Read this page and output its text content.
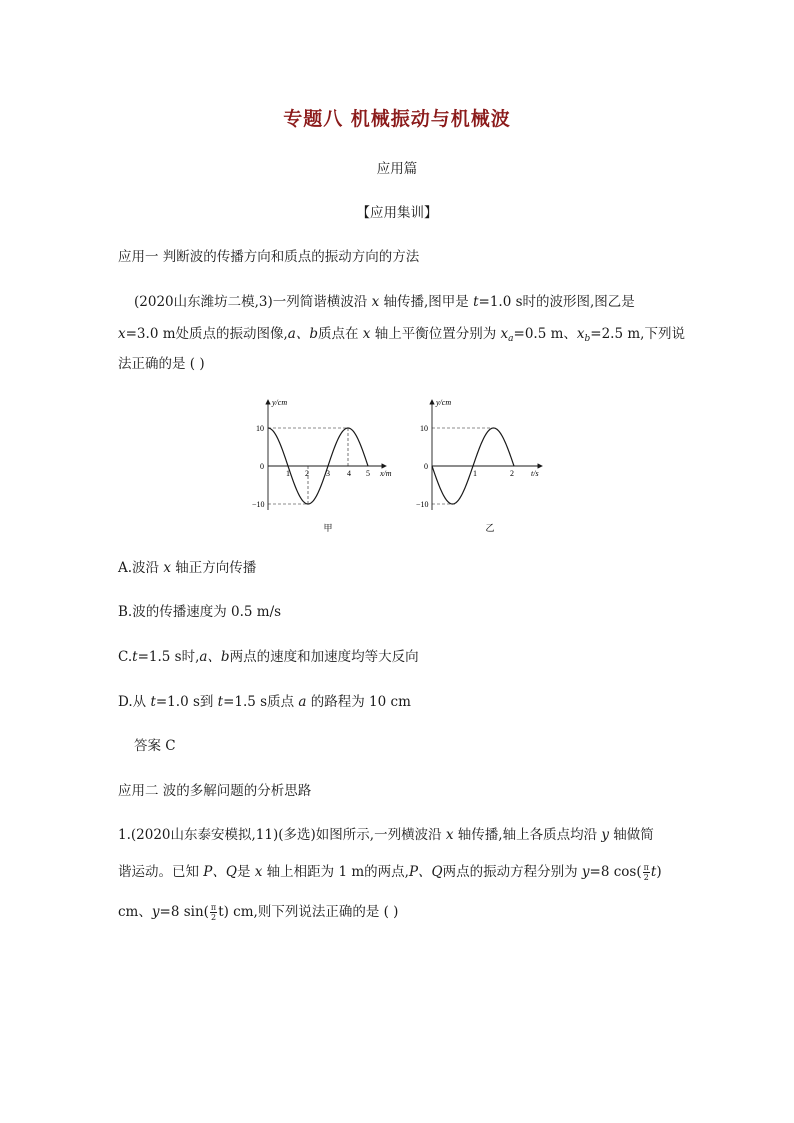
专题八 机械振动与机械波
应用篇
【应用集训】
应用一 判断波的传播方向和质点的振动方向的方法
(2020山东潍坊二模,3)一列简谐横波沿 x 轴传播,图甲是 t=1.0 s时的波形图,图乙是
x=3.0 m处质点的振动图像,a、b质点在 x 轴上平衡位置分别为 $x_a=0.5$ m、$x_b=2.5$ m,下列说
法正确的是 ( )
y/cm
x/m
10
0
−10
1 2 3 4 5
甲
y/cm
t/s
10
0
−10
1	2
乙
A.波沿 x 轴正方向传播
B.波的传播速度为 0.5 m/s
C.t=1.5 s时,a、b两点的速度和加速度均等大反向
D.从 t=1.0 s到 t=1.5 s质点 a 的路程为 10 cm
答案 C
应用二 波的多解问题的分析思路
1.(2020山东泰安模拟,11)(多选)如图所示,一列横波沿 x 轴传播,轴上各质点均沿 y 轴做简
谐运动。已知 P、Q是 x 轴上相距为 1 m的两点,P、Q两点的振动方程分别为 y=8 $\cos( \frac{\pi}{2} t)$
cm、y=8 $\sin( \frac{\pi}{2} t)$ cm,则下列说法正确的是 ( )
